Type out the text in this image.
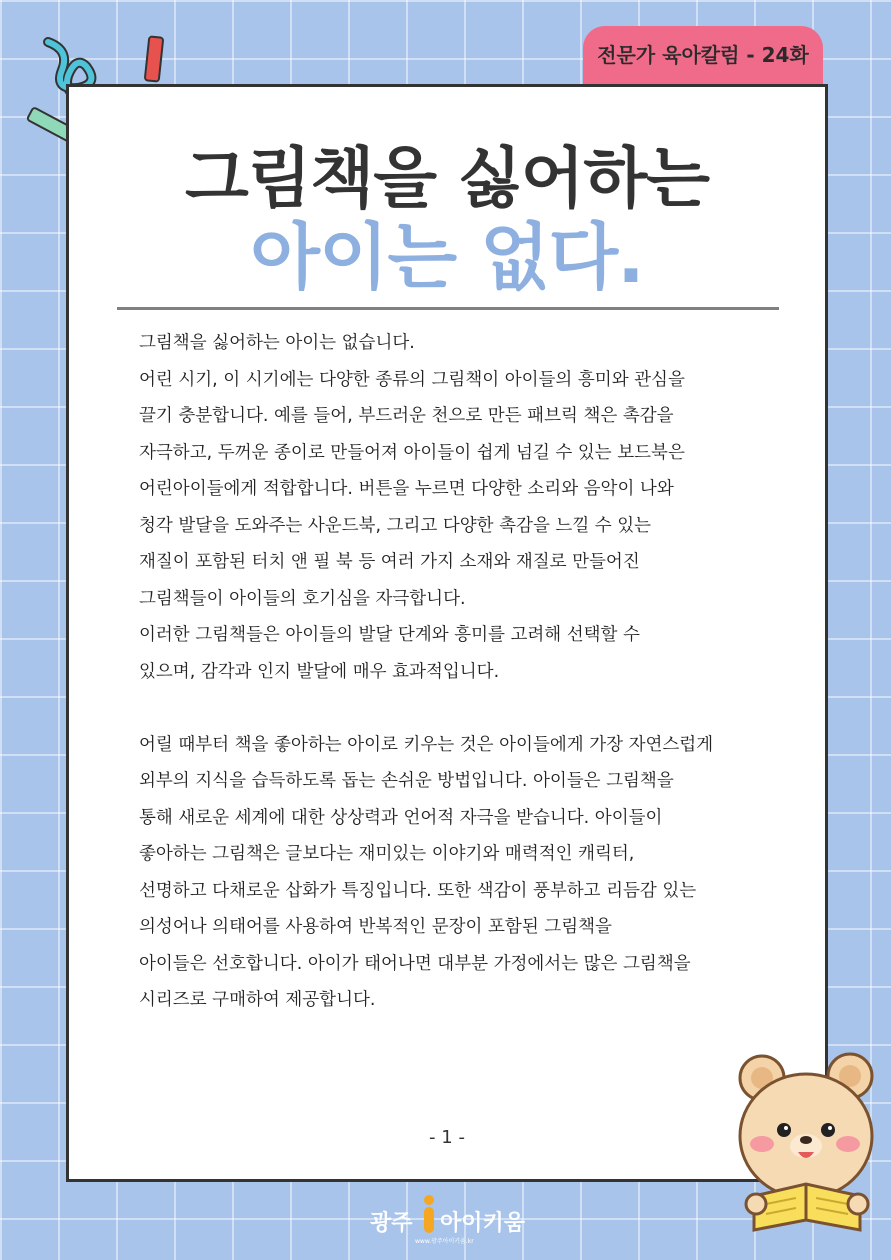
전문가 육아칼럼 - 24화
그림책을 싫어하는
아이는 없다.

그림책을 싫어하는 아이는 없습니다.

어린 시기, 이 시기에는 다양한 종류의 그림책이 아이들의 흥미와 관심을

끌기 충분합니다. 예를 들어, 부드러운 천으로 만든 패브릭 책은 촉감을

자극하고, 두꺼운 종이로 만들어져 아이들이 쉽게 넘길 수 있는 보드북은

어린아이들에게 적합합니다. 버튼을 누르면 다양한 소리와 음악이 나와

청각 발달을 도와주는 사운드북, 그리고 다양한 촉감을 느낄 수 있는

재질이 포함된 터치 앤 필 북 등 여러 가지 소재와 재질로 만들어진

그림책들이 아이들의 호기심을 자극합니다.

이러한 그림책들은 아이들의 발달 단계와 흥미를 고려해 선택할 수

있으며, 감각과 인지 발달에 매우 효과적입니다.

어릴 때부터 책을 좋아하는 아이로 키우는 것은 아이들에게 가장 자연스럽게

외부의 지식을 습득하도록 돕는 손쉬운 방법입니다. 아이들은 그림책을

통해 새로운 세계에 대한 상상력과 언어적 자극을 받습니다. 아이들이

좋아하는 그림책은 글보다는 재미있는 이야기와 매력적인 캐릭터,

선명하고 다채로운 삽화가 특징입니다. 또한 색감이 풍부하고 리듬감 있는

의성어나 의태어를 사용하여 반복적인 문장이 포함된 그림책을

아이들은 선호합니다. 아이가 태어나면 대부분 가정에서는 많은 그림책을

시리즈로 구매하여 제공합니다.

- 1 -
광주 아이키움
www.광주아이키움.kr
